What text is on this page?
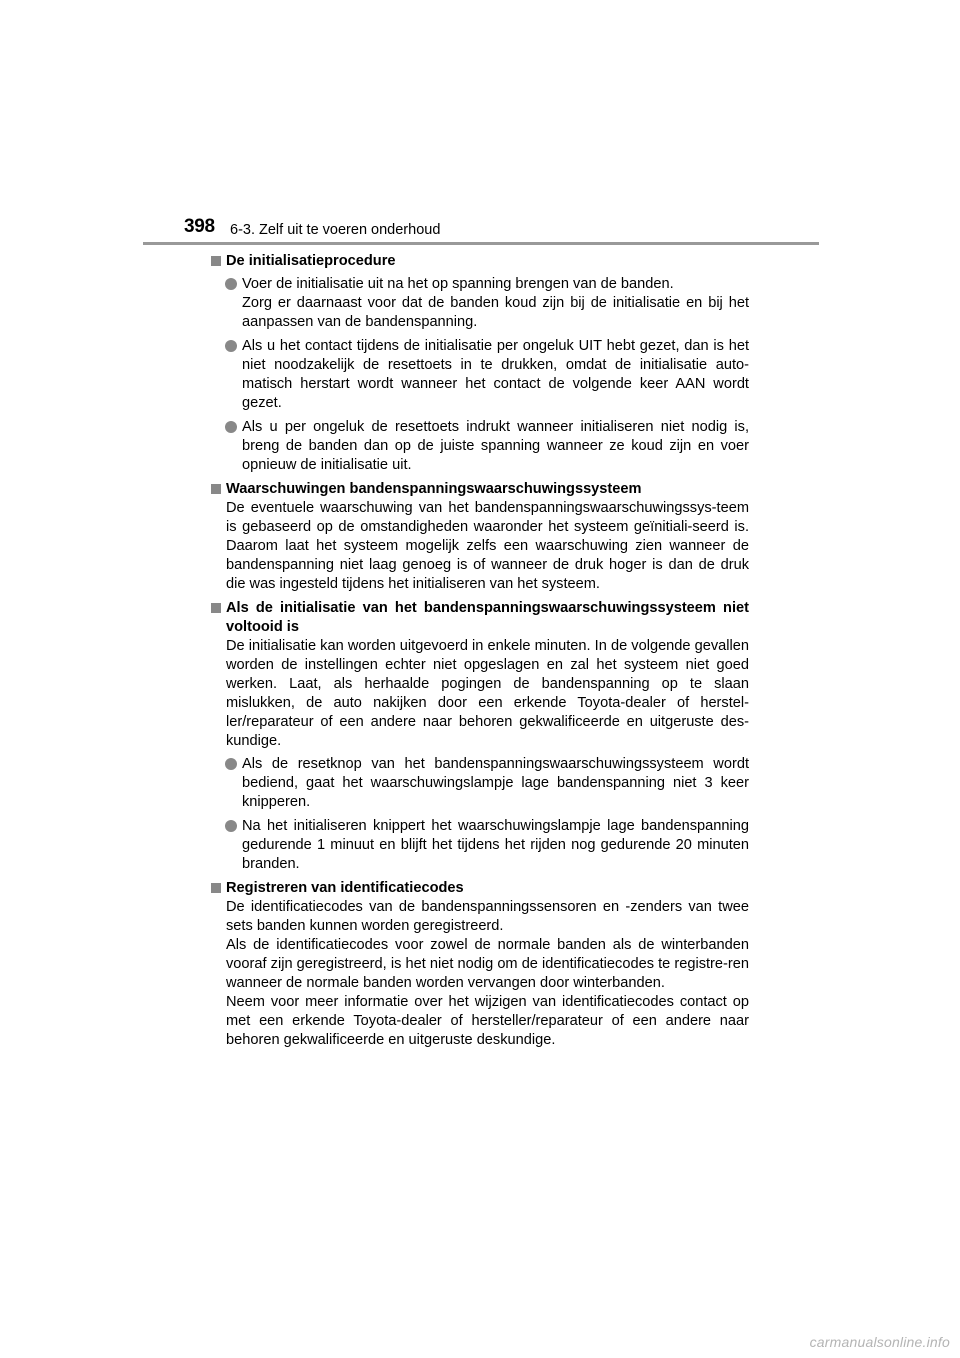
398 6-3. Zelf uit te voeren onderhoud
De initialisatieprocedure
Voer de initialisatie uit na het op spanning brengen van de banden.
Zorg er daarnaast voor dat de banden koud zijn bij de initialisatie en bij het aanpassen van de bandenspanning.
Als u het contact tijdens de initialisatie per ongeluk UIT hebt gezet, dan is het niet noodzakelijk de resettoets in te drukken, omdat de initialisatie auto-matisch herstart wordt wanneer het contact de volgende keer AAN wordt gezet.
Als u per ongeluk de resettoets indrukt wanneer initialiseren niet nodig is, breng de banden dan op de juiste spanning wanneer ze koud zijn en voer opnieuw de initialisatie uit.
Waarschuwingen bandenspanningswaarschuwingssysteem
De eventuele waarschuwing van het bandenspanningswaarschuwingssys-teem is gebaseerd op de omstandigheden waaronder het systeem geïnitiali-seerd is. Daarom laat het systeem mogelijk zelfs een waarschuwing zien wanneer de bandenspanning niet laag genoeg is of wanneer de druk hoger is dan de druk die was ingesteld tijdens het initialiseren van het systeem.
Als de initialisatie van het bandenspanningswaarschuwingssysteem niet voltooid is
De initialisatie kan worden uitgevoerd in enkele minuten. In de volgende gevallen worden de instellingen echter niet opgeslagen en zal het systeem niet goed werken. Laat, als herhaalde pogingen de bandenspanning op te slaan mislukken, de auto nakijken door een erkende Toyota-dealer of herstel-ler/reparateur of een andere naar behoren gekwalificeerde en uitgeruste des-kundige.
Als de resetknop van het bandenspanningswaarschuwingssysteem wordt bediend, gaat het waarschuwingslampje lage bandenspanning niet 3 keer knipperen.
Na het initialiseren knippert het waarschuwingslampje lage bandenspanning gedurende 1 minuut en blijft het tijdens het rijden nog gedurende 20 minuten branden.
Registreren van identificatiecodes
De identificatiecodes van de bandenspanningssensoren en -zenders van twee sets banden kunnen worden geregistreerd.
Als de identificatiecodes voor zowel de normale banden als de winterbanden vooraf zijn geregistreerd, is het niet nodig om de identificatiecodes te registre-ren wanneer de normale banden worden vervangen door winterbanden.
Neem voor meer informatie over het wijzigen van identificatiecodes contact op met een erkende Toyota-dealer of hersteller/reparateur of een andere naar behoren gekwalificeerde en uitgeruste deskundige.
carmanualsonline.info
